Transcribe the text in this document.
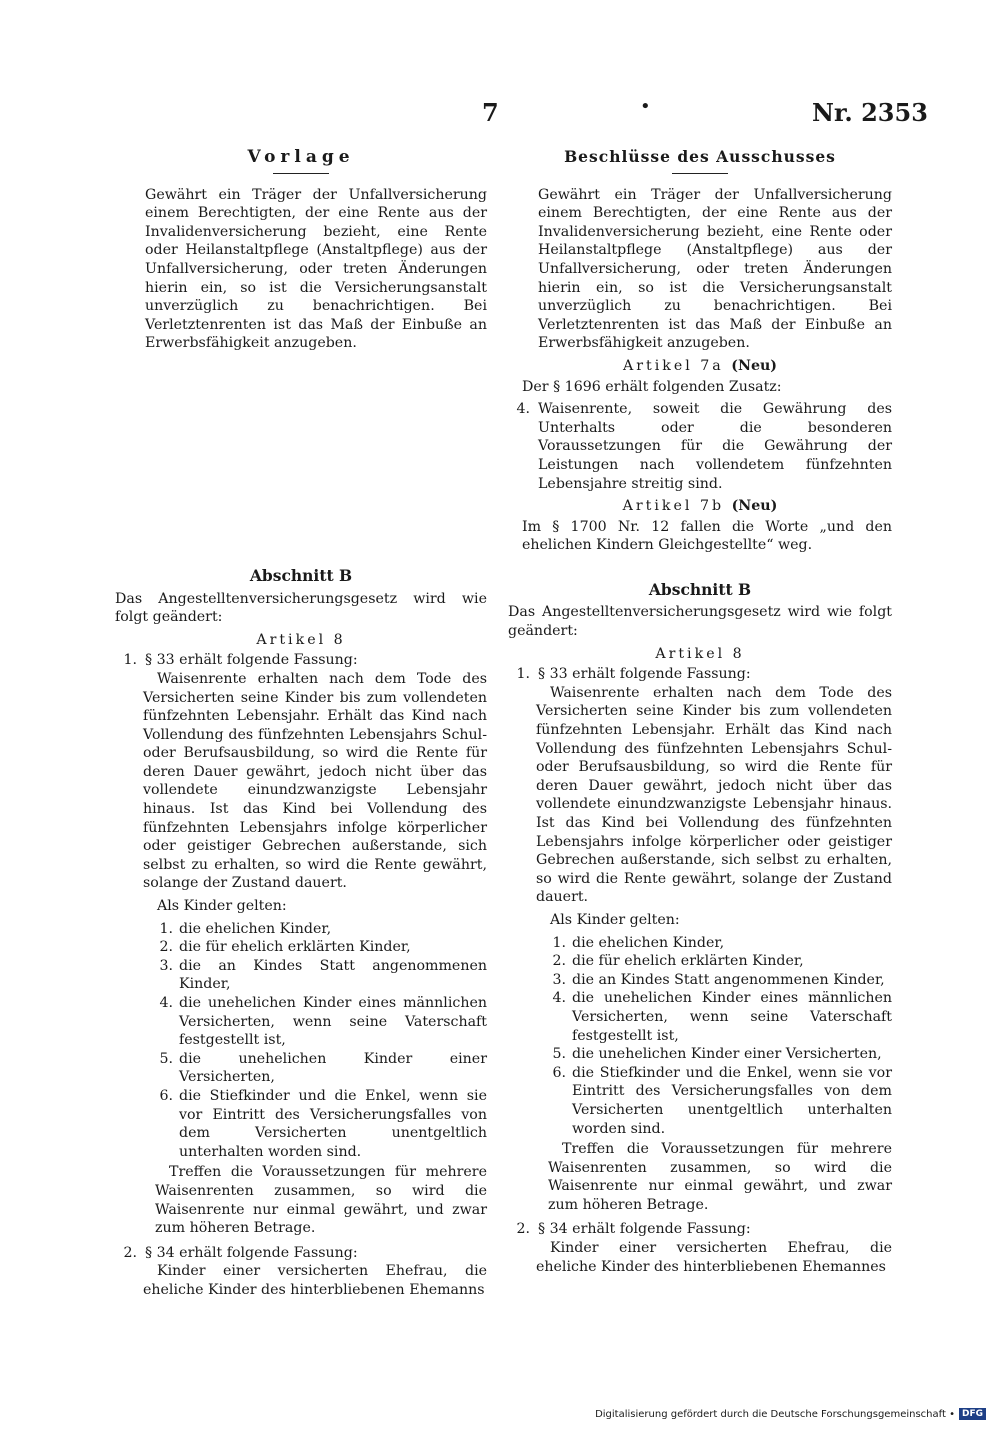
7	•	Nr. 2353
Vorlage
Gewährt ein Träger der Unfallversicherung einem Berechtigten, der eine Rente aus der Invalidenversicherung bezieht, eine Rente oder Heilanstaltpflege (Anstaltpflege) aus der Unfallversicherung, oder treten Änderungen hierin ein, so ist die Versicherungsanstalt unverzüglich zu benachrichtigen. Bei Verletztenrenten ist das Maß der Einbuße an Erwerbsfähigkeit anzugeben.
Abschnitt B
Das Angestelltenversicherungsgesetz wird wie folgt geändert:
Artikel 8
1. § 33 erhält folgende Fassung:
Waisenrente erhalten nach dem Tode des Versicherten seine Kinder bis zum vollendeten fünfzehnten Lebensjahr. Erhält das Kind nach Vollendung des fünfzehnten Lebensjahrs Schul- oder Berufsausbildung, so wird die Rente für deren Dauer gewährt, jedoch nicht über das vollendete einundzwanzigste Lebensjahr hinaus. Ist das Kind bei Vollendung des fünfzehnten Lebensjahrs infolge körperlicher oder geistiger Gebrechen außerstande, sich selbst zu erhalten, so wird die Rente gewährt, solange der Zustand dauert.
Als Kinder gelten:
1. die ehelichen Kinder,
2. die für ehelich erklärten Kinder,
3. die an Kindes Statt angenommenen Kinder,
4. die unehelichen Kinder eines männlichen Versicherten, wenn seine Vaterschaft festgestellt ist,
5. die unehelichen Kinder einer Versicherten,
6. die Stiefkinder und die Enkel, wenn sie vor Eintritt des Versicherungsfalles von dem Versicherten unentgeltlich unterhalten worden sind.
Treffen die Voraussetzungen für mehrere Waisenrenten zusammen, so wird die Waisenrente nur einmal gewährt, und zwar zum höheren Betrage.
2. § 34 erhält folgende Fassung:
Kinder einer versicherten Ehefrau, die eheliche Kinder des hinterbliebenen Ehemanns
Beschlüsse des Ausschusses
Gewährt ein Träger der Unfallversicherung einem Berechtigten, der eine Rente aus der Invalidenversicherung bezieht, eine Rente oder Heilanstaltpflege (Anstaltpflege) aus der Unfallversicherung, oder treten Änderungen hierin ein, so ist die Versicherungsanstalt unverzüglich zu benachrichtigen. Bei Verletztenrenten ist das Maß der Einbuße an Erwerbsfähigkeit anzugeben.
Artikel 7a (Neu)
Der § 1696 erhält folgenden Zusatz:
4. Waisenrente, soweit die Gewährung des Unterhalts oder die besonderen Voraussetzungen für die Gewährung der Leistungen nach vollendetem fünfzehnten Lebensjahre streitig sind.
Artikel 7b (Neu)
Im § 1700 Nr. 12 fallen die Worte „und den ehelichen Kindern Gleichgestellte“ weg.
Abschnitt B
Das Angestelltenversicherungsgesetz wird wie folgt geändert:
Artikel 8
1. § 33 erhält folgende Fassung:
Waisenrente erhalten nach dem Tode des Versicherten seine Kinder bis zum vollendeten fünfzehnten Lebensjahr. Erhält das Kind nach Vollendung des fünfzehnten Lebensjahrs Schul- oder Berufsausbildung, so wird die Rente für deren Dauer gewährt, jedoch nicht über das vollendete einundzwanzigste Lebensjahr hinaus. Ist das Kind bei Vollendung des fünfzehnten Lebensjahrs infolge körperlicher oder geistiger Gebrechen außerstande, sich selbst zu erhalten, so wird die Rente gewährt, solange der Zustand dauert.
Als Kinder gelten:
1. die ehelichen Kinder,
2. die für ehelich erklärten Kinder,
3. die an Kindes Statt angenommenen Kinder,
4. die unehelichen Kinder eines männlichen Versicherten, wenn seine Vaterschaft festgestellt ist,
5. die unehelichen Kinder einer Versicherten,
6. die Stiefkinder und die Enkel, wenn sie vor Eintritt des Versicherungsfalles von dem Versicherten unentgeltlich unterhalten worden sind.
Treffen die Voraussetzungen für mehrere Waisenrenten zusammen, so wird die Waisenrente nur einmal gewährt, und zwar zum höheren Betrage.
2. § 34 erhält folgende Fassung:
Kinder einer versicherten Ehefrau, die eheliche Kinder des hinterbliebenen Ehemannes
Digitalisierung gefördert durch die Deutsche Forschungsgemeinschaft • DFG
